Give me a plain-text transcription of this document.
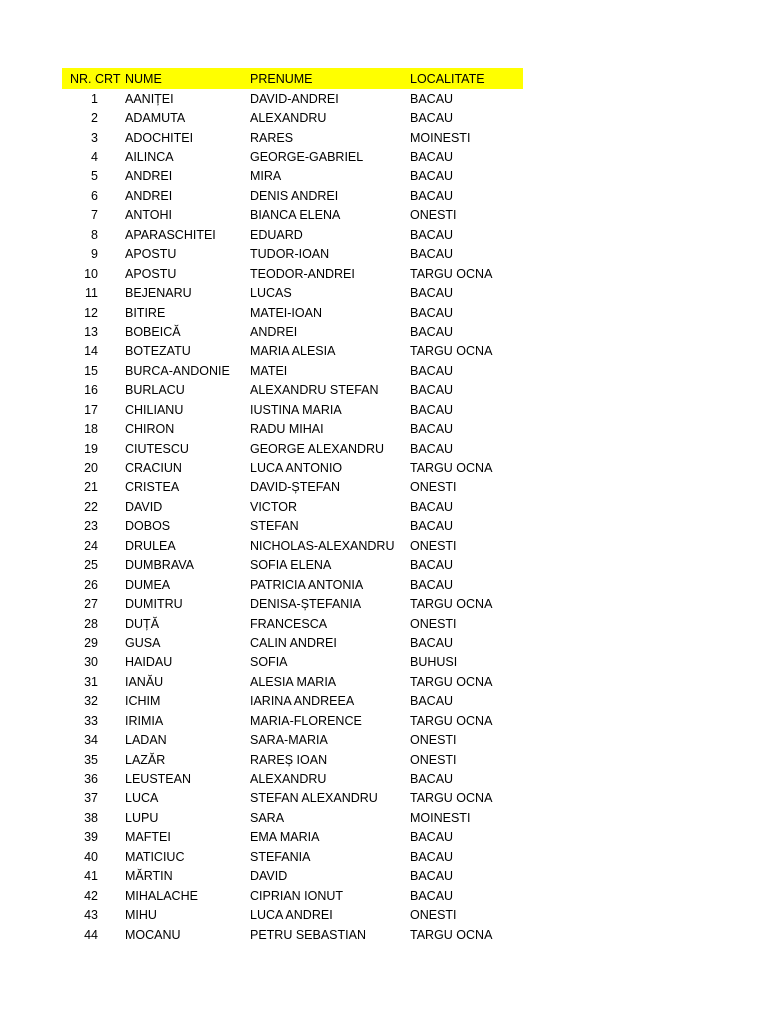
NR. CRT	NUME	PRENUME	LOCALITATE
1	AANIȚEI	DAVID-ANDREI	BACAU
2	ADAMUTA	ALEXANDRU	BACAU
3	ADOCHITEI	RARES	MOINESTI
4	AILINCA	GEORGE-GABRIEL	BACAU
5	ANDREI	MIRA	BACAU
6	ANDREI	DENIS ANDREI	BACAU
7	ANTOHI	BIANCA ELENA	ONESTI
8	APARASCHITEI	EDUARD	BACAU
9	APOSTU	TUDOR-IOAN	BACAU
10	APOSTU	TEODOR-ANDREI	TARGU OCNA
11	BEJENARU	LUCAS	BACAU
12	BITIRE	MATEI-IOAN	BACAU
13	BOBEICĂ	ANDREI	BACAU
14	BOTEZATU	MARIA ALESIA	TARGU OCNA
15	BURCA-ANDONIE	MATEI	BACAU
16	BURLACU	ALEXANDRU STEFAN	BACAU
17	CHILIANU	IUSTINA MARIA	BACAU
18	CHIRON	RADU MIHAI	BACAU
19	CIUTESCU	GEORGE ALEXANDRU	BACAU
20	CRACIUN	LUCA ANTONIO	TARGU OCNA
21	CRISTEA	DAVID-ȘTEFAN	ONESTI
22	DAVID	VICTOR	BACAU
23	DOBOS	STEFAN	BACAU
24	DRULEA	NICHOLAS-ALEXANDRU	ONESTI
25	DUMBRAVA	SOFIA ELENA	BACAU
26	DUMEA	PATRICIA ANTONIA	BACAU
27	DUMITRU	DENISA-ȘTEFANIA	TARGU OCNA
28	DUȚĂ	FRANCESCA	ONESTI
29	GUSA	CALIN ANDREI	BACAU
30	HAIDAU	SOFIA	BUHUSI
31	IANĂU	ALESIA MARIA	TARGU OCNA
32	ICHIM	IARINA ANDREEA	BACAU
33	IRIMIA	MARIA-FLORENCE	TARGU OCNA
34	LADAN	SARA-MARIA	ONESTI
35	LAZĂR	RAREȘ IOAN	ONESTI
36	LEUSTEAN	ALEXANDRU	BACAU
37	LUCA	STEFAN ALEXANDRU	TARGU OCNA
38	LUPU	SARA	MOINESTI
39	MAFTEI	EMA MARIA	BACAU
40	MATICIUC	STEFANIA	BACAU
41	MĂRTIN	DAVID	BACAU
42	MIHALACHE	CIPRIAN IONUT	BACAU
43	MIHU	LUCA ANDREI	ONESTI
44	MOCANU	PETRU SEBASTIAN	TARGU OCNA
